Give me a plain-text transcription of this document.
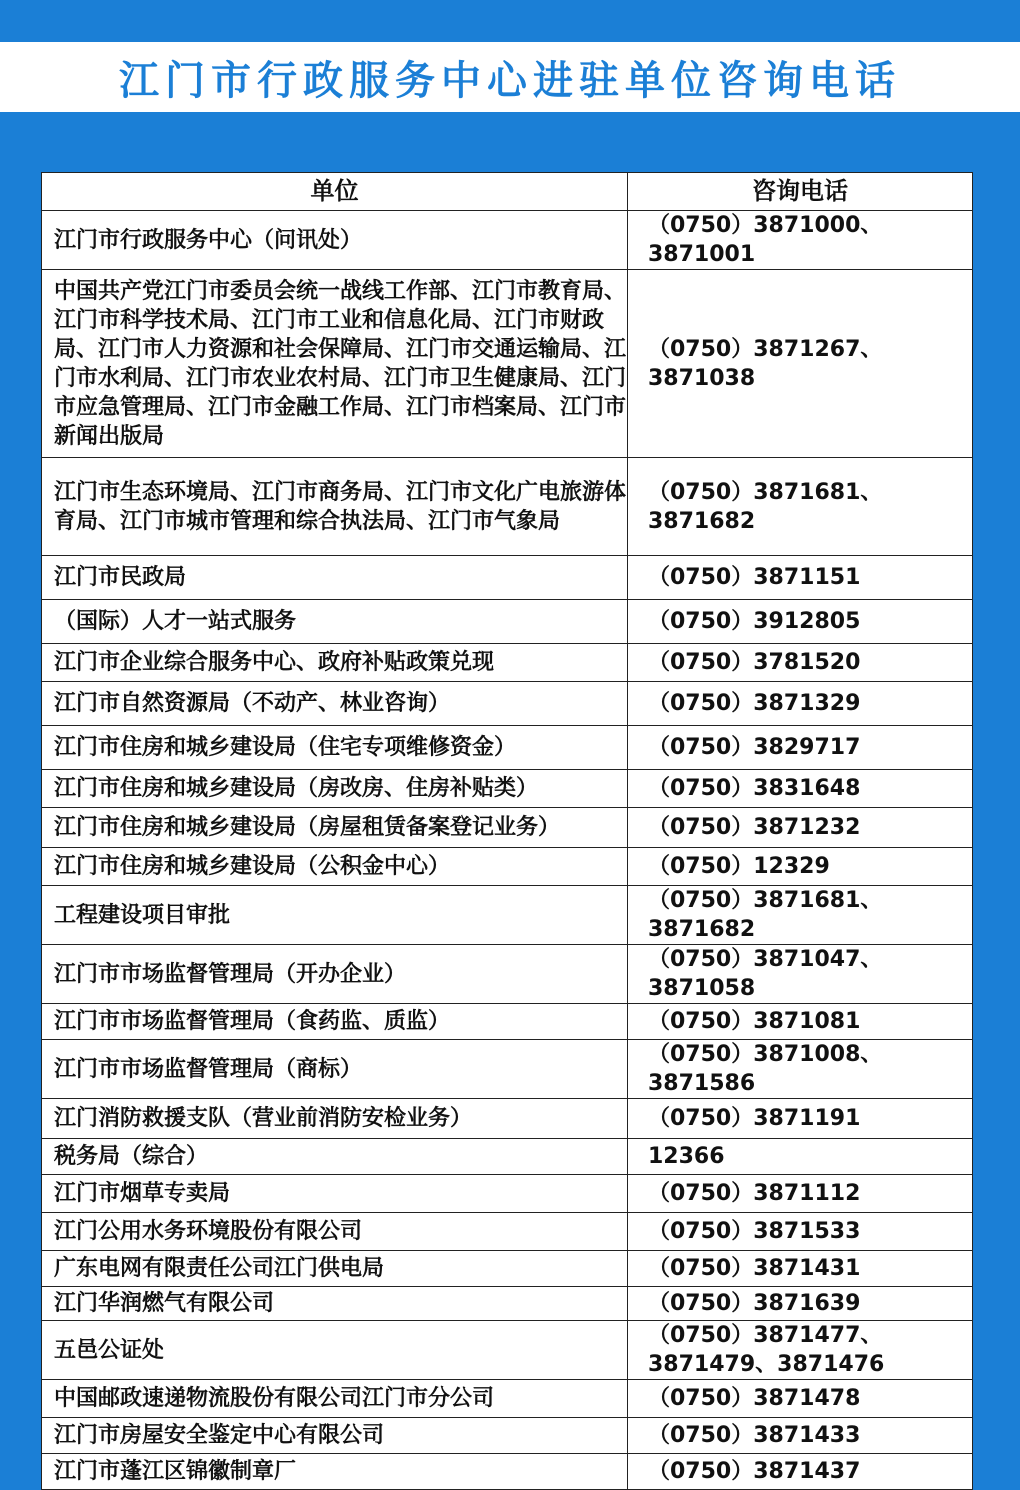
江门市行政服务中心进驻单位咨询电话
单位	咨询电话
江门市行政服务中心（问讯处）	（0750）3871000、3871001
中国共产党江门市委员会统一战线工作部、江门市教育局、江门市科学技术局、江门市工业和信息化局、江门市财政局、江门市人力资源和社会保障局、江门市交通运输局、江门市水利局、江门市农业农村局、江门市卫生健康局、江门市应急管理局、江门市金融工作局、江门市档案局、江门市新闻出版局	（0750）3871267、3871038
江门市生态环境局、江门市商务局、江门市文化广电旅游体育局、江门市城市管理和综合执法局、江门市气象局	（0750）3871681、3871682
江门市民政局	（0750）3871151
（国际）人才一站式服务	（0750）3912805
江门市企业综合服务中心、政府补贴政策兑现	（0750）3781520
江门市自然资源局（不动产、林业咨询）	（0750）3871329
江门市住房和城乡建设局（住宅专项维修资金）	（0750）3829717
江门市住房和城乡建设局（房改房、住房补贴类）	（0750）3831648
江门市住房和城乡建设局（房屋租赁备案登记业务）	（0750）3871232
江门市住房和城乡建设局（公积金中心）	（0750）12329
工程建设项目审批	（0750）3871681、3871682
江门市市场监督管理局（开办企业）	（0750）3871047、3871058
江门市市场监督管理局（食药监、质监）	（0750）3871081
江门市市场监督管理局（商标）	（0750）3871008、3871586
江门消防救援支队（营业前消防安检业务）	（0750）3871191
税务局（综合）	12366
江门市烟草专卖局	（0750）3871112
江门公用水务环境股份有限公司	（0750）3871533
广东电网有限责任公司江门供电局	（0750）3871431
江门华润燃气有限公司	（0750）3871639
五邑公证处	（0750）3871477、3871479、3871476
中国邮政速递物流股份有限公司江门市分公司	（0750）3871478
江门市房屋安全鉴定中心有限公司	（0750）3871433
江门市蓬江区锦徽制章厂	（0750）3871437
